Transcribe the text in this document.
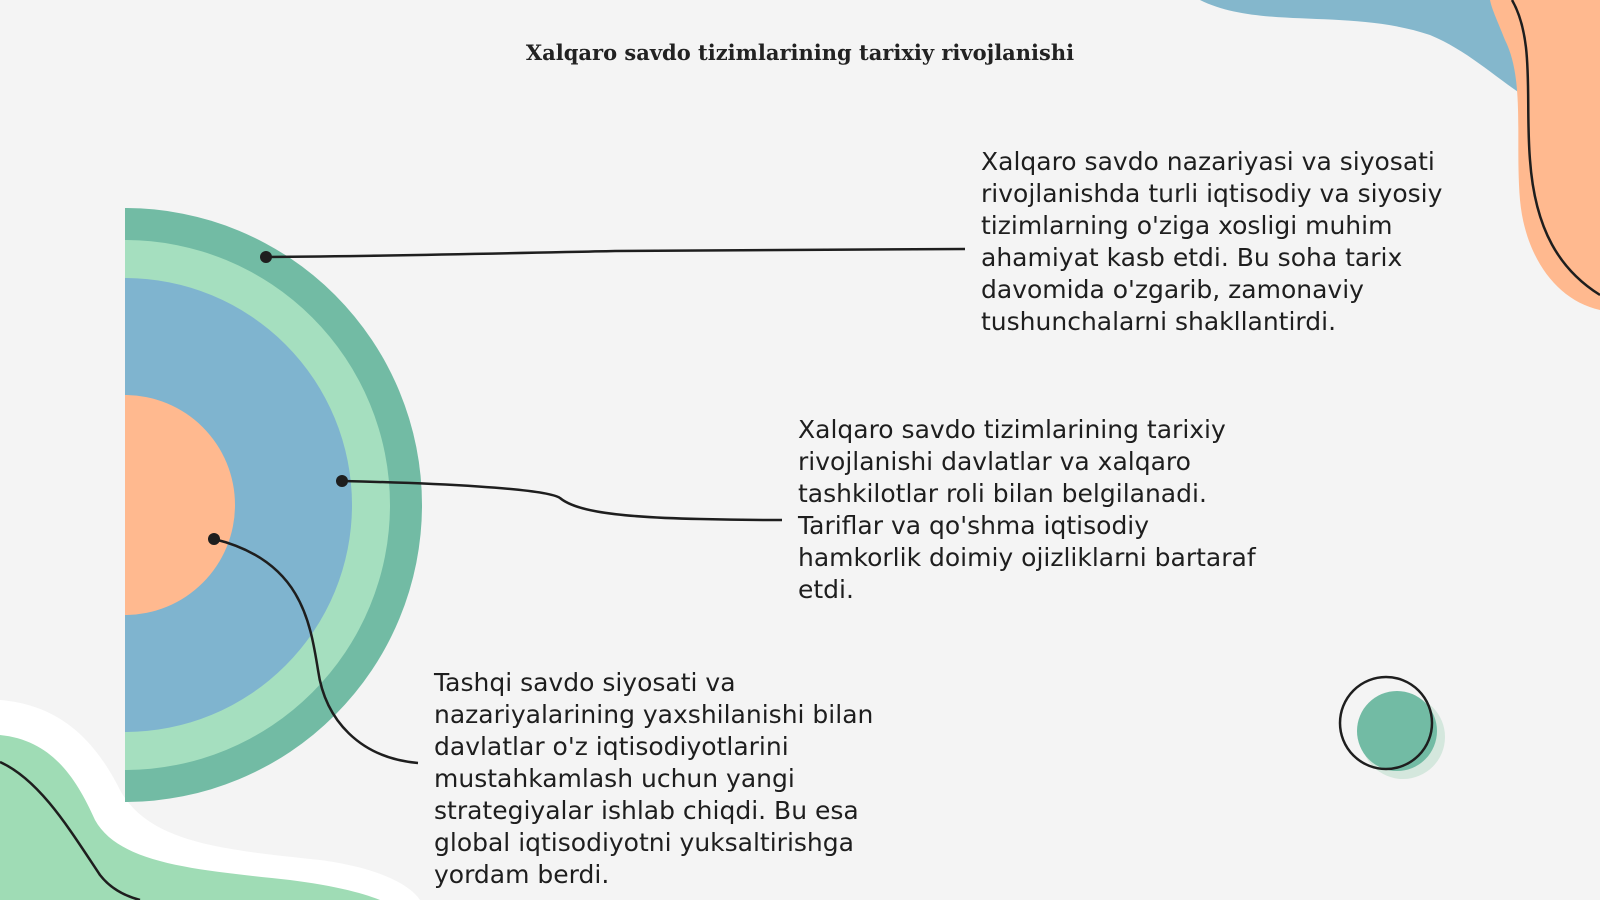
Xalqaro savdo tizimlarining tarixiy rivojlanishi
Xalqaro savdo nazariyasi va siyosati rivojlanishda turli iqtisodiy va siyosiy tizimlarning o'ziga xosligi muhim ahamiyat kasb etdi. Bu soha tarix davomida o'zgarib, zamonaviy tushunchalarni shakllantirdi.
Xalqaro savdo tizimlarining tarixiy rivojlanishi davlatlar va xalqaro tashkilotlar roli bilan belgilanadi. Tariflar va qo'shma iqtisodiy hamkorlik doimiy ojizliklarni bartaraf etdi.
Tashqi savdo siyosati va nazariyalarining yaxshilanishi bilan davlatlar o'z iqtisodiyotlarini mustahkamlash uchun yangi strategiyalar ishlab chiqdi. Bu esa global iqtisodiyotni yuksaltirishga yordam berdi.
